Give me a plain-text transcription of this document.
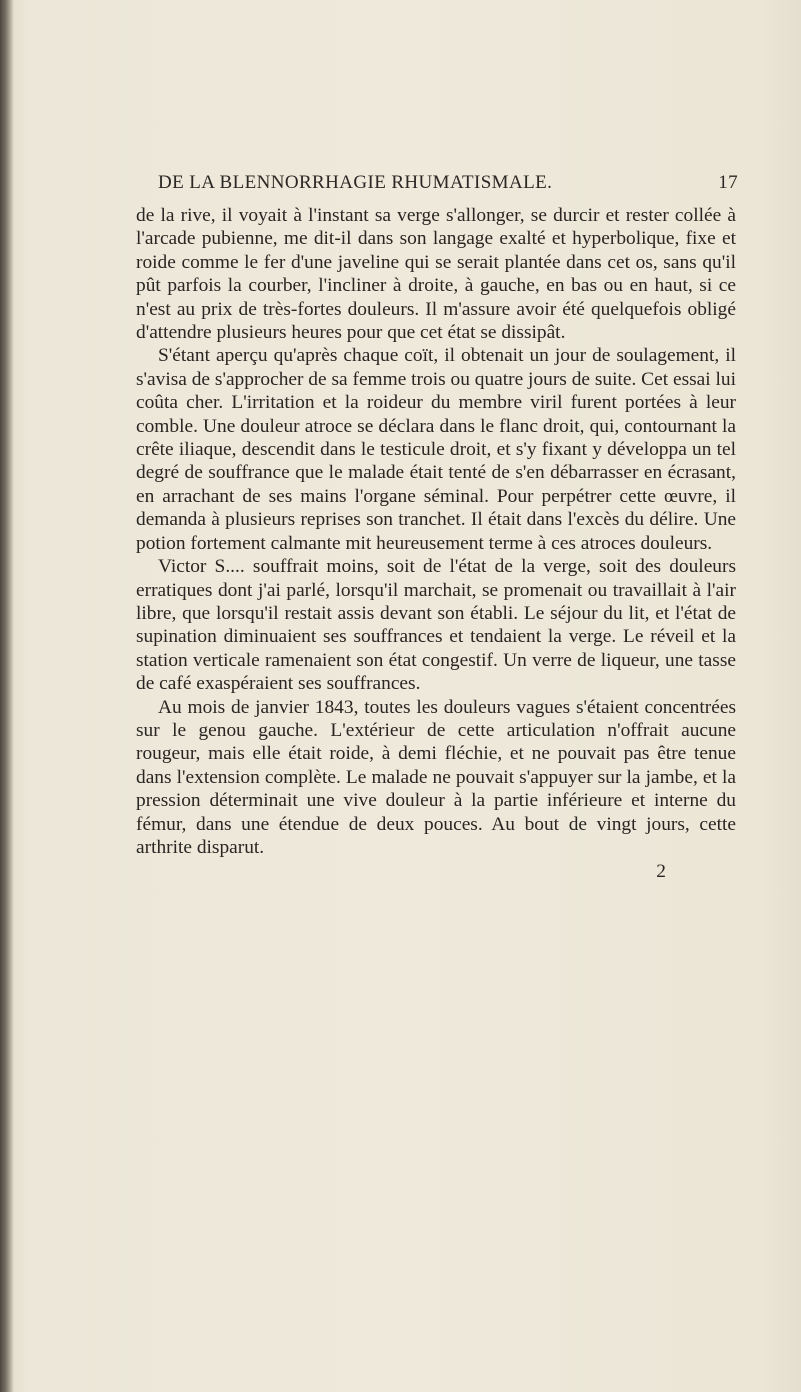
DE LA BLENNORRHAGIE RHUMATISMALE.	17

de la rive, il voyait à l'instant sa verge s'allonger, se durcir et rester collée à l'arcade pubienne, me dit-il dans son langage exalté et hyperbolique, fixe et roide comme le fer d'une javeline qui se serait plantée dans cet os, sans qu'il pût parfois la courber, l'incliner à droite, à gauche, en bas ou en haut, si ce n'est au prix de très-fortes douleurs. Il m'assure avoir été quelquefois obligé d'attendre plusieurs heures pour que cet état se dissipât.

S'étant aperçu qu'après chaque coït, il obtenait un jour de soulagement, il s'avisa de s'approcher de sa femme trois ou quatre jours de suite. Cet essai lui coûta cher. L'irritation et la roideur du membre viril furent portées à leur comble. Une douleur atroce se déclara dans le flanc droit, qui, contournant la crête iliaque, descendit dans le testicule droit, et s'y fixant y développa un tel degré de souffrance que le malade était tenté de s'en débarrasser en écrasant, en arrachant de ses mains l'organe séminal. Pour perpétrer cette œuvre, il demanda à plusieurs reprises son tranchet. Il était dans l'excès du délire. Une potion fortement calmante mit heureusement terme à ces atroces douleurs.

Victor S.... souffrait moins, soit de l'état de la verge, soit des douleurs erratiques dont j'ai parlé, lorsqu'il marchait, se promenait ou travaillait à l'air libre, que lorsqu'il restait assis devant son établi. Le séjour du lit, et l'état de supination diminuaient ses souffrances et tendaient la verge. Le réveil et la station verticale ramenaient son état congestif. Un verre de liqueur, une tasse de café exaspéraient ses souffrances.

Au mois de janvier 1843, toutes les douleurs vagues s'étaient concentrées sur le genou gauche. L'extérieur de cette articulation n'offrait aucune rougeur, mais elle était roide, à demi fléchie, et ne pouvait pas être tenue dans l'extension complète. Le malade ne pouvait s'appuyer sur la jambe, et la pression déterminait une vive douleur à la partie inférieure et interne du fémur, dans une étendue de deux pouces. Au bout de vingt jours, cette arthrite disparut.

2
